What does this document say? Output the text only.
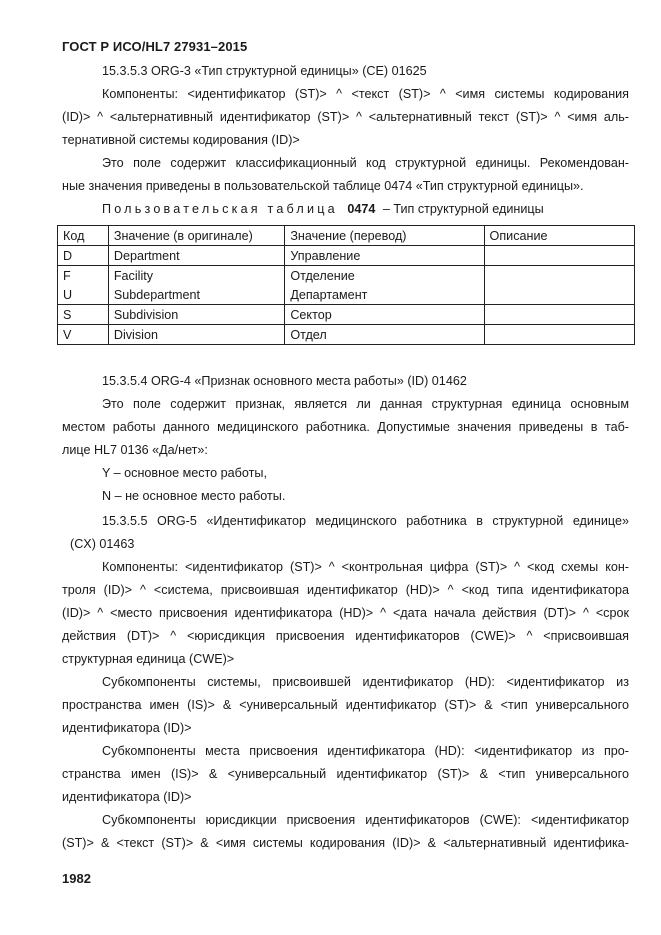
ГОСТ Р ИСО/HL7 27931–2015
15.3.5.3 ORG-3 «Тип структурной единицы» (CE) 01625
Компоненты: <идентификатор (ST)> ^ <текст (ST)> ^ <имя системы кодирования
(ID)> ^ <альтернативный идентификатор (ST)> ^ <альтернативный текст (ST)> ^ <имя аль-
тернативной системы кодирования (ID)>
Это поле содержит классификационный код структурной единицы. Рекомендован-
ные значения приведены в пользовательской таблице 0474 «Тип структурной единицы».
Пользовательская таблица 0474 – Тип структурной единицы
Код	Значение (в оригинале)	Значение (перевод)	Описание
D	Department	Управление	
F	Facility	Отделение	
U	Subdepartment	Департамент	
S	Subdivision	Сектор	
V	Division	Отдел	
15.3.5.4 ORG-4 «Признак основного места работы» (ID) 01462
Это поле содержит признак, является ли данная структурная единица основным
местом работы данного медицинского работника. Допустимые значения приведены в таб-
лице HL7 0136 «Да/нет»:
Y – основное место работы,
N – не основное место работы.
15.3.5.5 ORG-5 «Идентификатор медицинского работника в структурной единице»
(CX) 01463
Компоненты: <идентификатор (ST)> ^ <контрольная цифра (ST)> ^ <код схемы кон-
троля (ID)> ^ <система, присвоившая идентификатор (HD)> ^ <код типа идентификатора
(ID)> ^ <место присвоения идентификатора (HD)> ^ <дата начала действия (DT)> ^ <срок
действия (DT)> ^ <юрисдикция присвоения идентификаторов (CWE)> ^ <присвоившая
структурная единица (CWE)>
Субкомпоненты системы, присвоившей идентификатор (HD): <идентификатор из
пространства имен (IS)> & <универсальный идентификатор (ST)> & <тип универсального
идентификатора (ID)>
Субкомпоненты места присвоения идентификатора (HD): <идентификатор из про-
странства имен (IS)> & <универсальный идентификатор (ST)> & <тип универсального
идентификатора (ID)>
Субкомпоненты юрисдикции присвоения идентификаторов (CWE): <идентификатор
(ST)> & <текст (ST)> & <имя системы кодирования (ID)> & <альтернативный идентифика-
1982
